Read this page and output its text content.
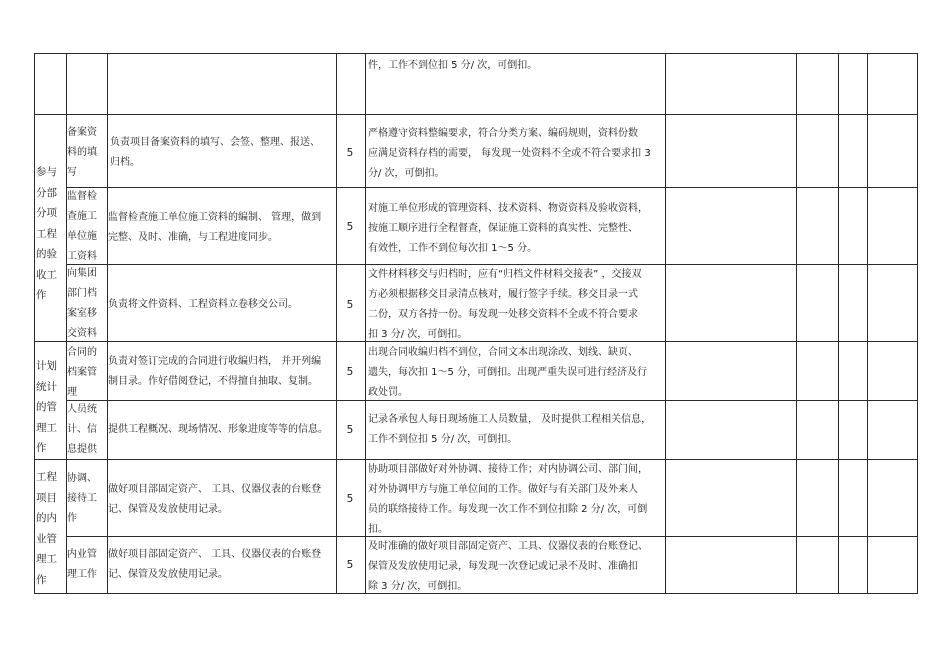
件，工作不到位扣 5 分/ 次，可倒扣。
参与
分部
分项
工程
的验
收工
作
计划
统计
的管
理工
作
工程
项目
的内
业管
理工
作
备案资
料的填
写
负责项目备案资料的填写、会签、整理、报送、
归档。
5
严格遵守资料整编要求，符合分类方案、编码规则，资料份数
应满足资料存档的需要， 每发现一处资料不全或不符合要求扣 3
分/ 次，可倒扣。
监督检
查施工
单位施
工资料
监督检查施工单位施工资料的编制、 管理，做到
完整、及时、准确，与工程进度同步。
5
对施工单位形成的管理资料、技术资料、物资资料及验收资料，
按施工顺序进行全程督查，保证施工资料的真实性、完整性、
有效性，工作不到位每次扣 1～5 分。
向集团
部门档
案室移
交资料
负责将文件资料、工程资料立卷移交公司。	5
文件材料移交与归档时，应有“归档文件材料交接表” ，交接双
方必须根据移交目录清点核对，履行签字手续。移交目录一式
二份，双方各持一份。每发现一处移交资料不全或不符合要求
扣 3 分/ 次，可倒扣。
合同的
档案管
理
负责对签订完成的合同进行收编归档， 并开列编
制目录。作好借阅登记，不得擅自抽取、复制。
5
出现合同收编归档不到位，合同文本出现涂改、划线、缺页、
遗失，每次扣 1～5 分，可倒扣。出现严重失误可进行经济及行
政处罚。
人员统
计、信
息提供
提供工程概况、现场情况、形象进度等等的信息。	5
记录各承包人每日现场施工人员数量， 及时提供工程相关信息，
工作不到位扣 5 分/ 次，可倒扣。
协调、
接待工
作
做好项目部固定资产、 工具、仪器仪表的台账登
记、保管及发放使用记录。
5
协助项目部做好对外协调、接待工作；对内协调公司、部门间，
对外协调甲方与施工单位间的工作。做好与有关部门及外来人
员的联络接待工作。每发现一次工作不到位扣除 2 分/ 次，可倒
扣。
内业管
理工作
做好项目部固定资产、 工具、仪器仪表的台账登
记、保管及发放使用记录。
5
及时准确的做好项目部固定资产、工具、仪器仪表的台账登记、
保管及发放使用记录，每发现一次登记或记录不及时、准确扣
除 3 分/ 次，可倒扣。
